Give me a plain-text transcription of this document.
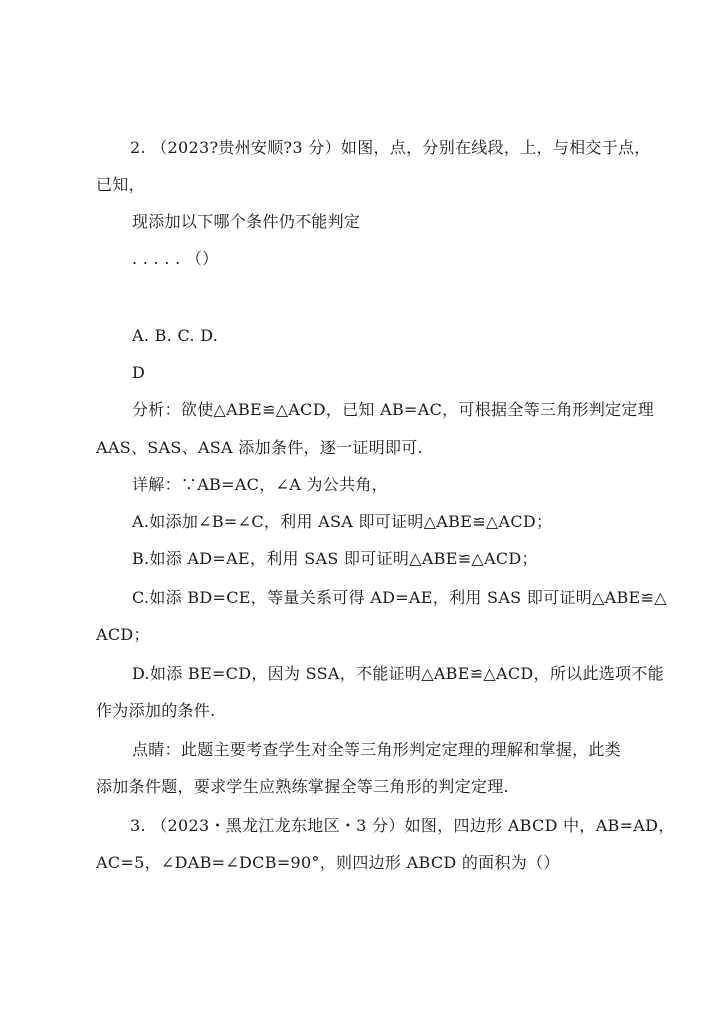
2. （2023?贵州安顺?3 分）如图，点，分别在线段，上，与相交于点，
已知，
现添加以下哪个条件仍不能判定
. . . . . （）
A. B. C. D.
D
分析：欲使△ABE≌△ACD，已知 AB=AC，可根据全等三角形判定定理
AAS、SAS、ASA 添加条件，逐一证明即可.
详解：∵AB=AC，∠A 为公共角，
A.如添加∠B=∠C，利用 ASA 即可证明△ABE≌△ACD；
B.如添 AD=AE，利用 SAS 即可证明△ABE≌△ACD；
C.如添 BD=CE，等量关系可得 AD=AE，利用 SAS 即可证明△ABE≌△
ACD；
D.如添 BE=CD，因为 SSA，不能证明△ABE≌△ACD，所以此选项不能
作为添加的条件.
点睛：此题主要考查学生对全等三角形判定定理的理解和掌握，此类
添加条件题，要求学生应熟练掌握全等三角形的判定定理.
3. （2023・黑龙江龙东地区・3 分）如图，四边形 ABCD 中，AB=AD，
AC=5，∠DAB=∠DCB=90°，则四边形 ABCD 的面积为（）
